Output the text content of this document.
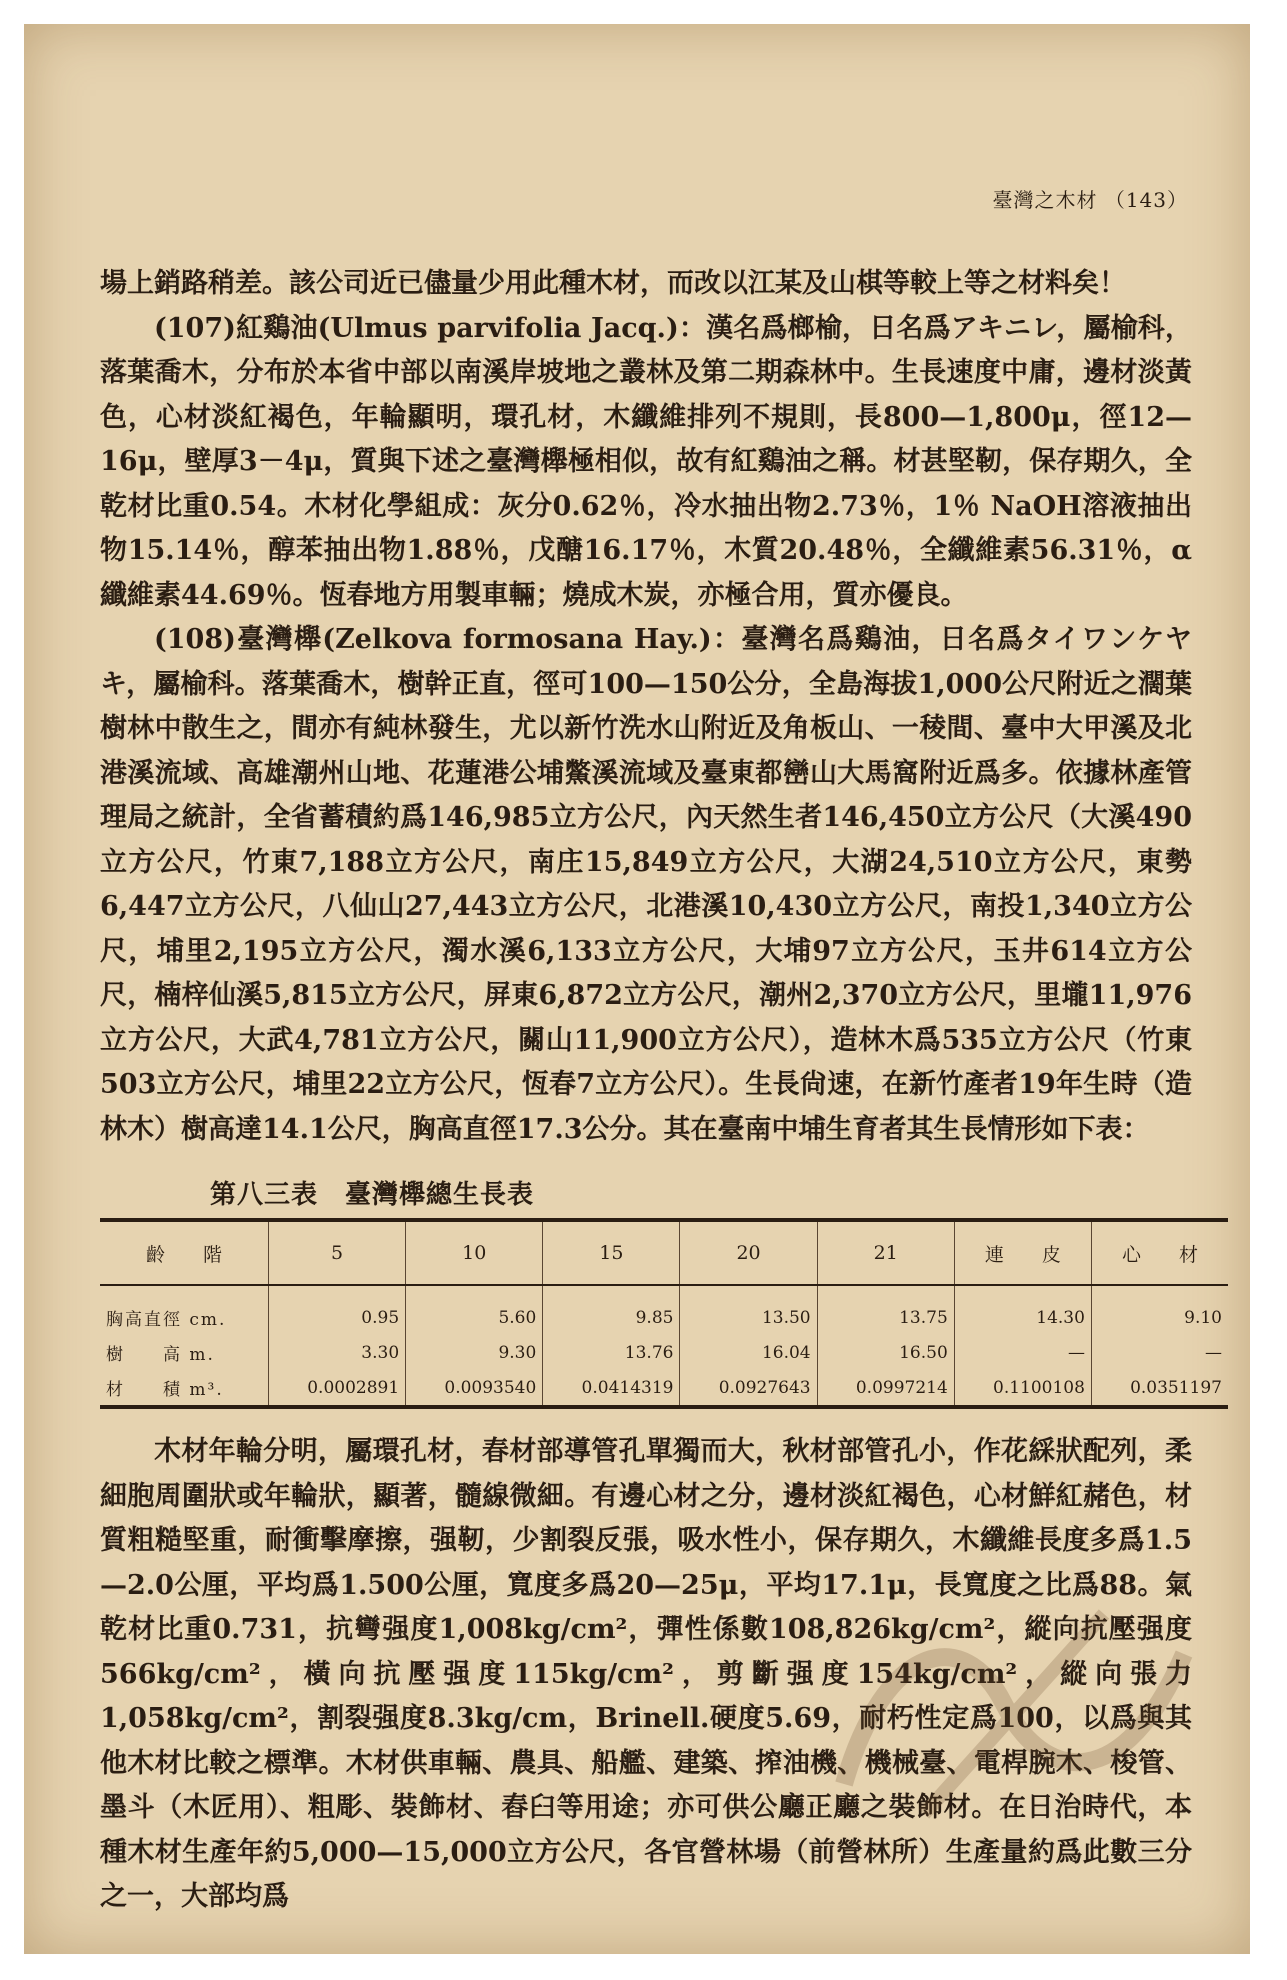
臺灣之木材 （143）

場上銷路稍差。該公司近已儘量少用此種木材，而改以江某及山棋等較上等之材料矣！

(107)紅鷄油(Ulmus parvifolia Jacq.)：漢名爲榔榆，日名爲アキニレ，屬榆科，落葉喬木，分布於本省中部以南溪岸坡地之叢林及第二期森林中。生長速度中庸，邊材淡黃色，心材淡紅褐色，年輪顯明，環孔材，木纖維排列不規則，長800—1,800μ，徑12—16μ，壁厚3－4μ，質與下述之臺灣櫸極相似，故有紅鷄油之稱。材甚堅靭，保存期久，全乾材比重0.54。木材化學組成：灰分0.62％，冷水抽出物2.73％，1％ NaOH溶液抽出物15.14％，醇苯抽出物1.88％，戊醣16.17％，木質20.48％，全纖維素56.31％，α纖維素44.69％。恆春地方用製車輛；燒成木炭，亦極合用，質亦優良。

(108)臺灣櫸(Zelkova formosana Hay.)：臺灣名爲鷄油，日名爲タイワンケヤキ，屬榆科。落葉喬木，樹幹正直，徑可100—150公分，全島海拔1,000公尺附近之濶葉樹林中散生之，間亦有純林發生，尤以新竹洗水山附近及角板山、一稜間、臺中大甲溪及北港溪流域、高雄潮州山地、花蓮港公埔鱉溪流域及臺東都巒山大馬窩附近爲多。依據林產管理局之統計，全省蓄積約爲146,985立方公尺，內天然生者146,450立方公尺（大溪490立方公尺，竹東7,188立方公尺，南庄15,849立方公尺，大湖24,510立方公尺，東勢6,447立方公尺，八仙山27,443立方公尺，北港溪10,430立方公尺，南投1,340立方公尺，埔里2,195立方公尺，濁水溪6,133立方公尺，大埔97立方公尺，玉井614立方公尺，楠梓仙溪5,815立方公尺，屏東6,872立方公尺，潮州2,370立方公尺，里壠11,976立方公尺，大武4,781立方公尺，關山11,900立方公尺），造林木爲535立方公尺（竹東503立方公尺，埔里22立方公尺，恆春7立方公尺）。生長尙速，在新竹產者19年生時（造林木）樹高達14.1公尺，胸高直徑17.3公分。其在臺南中埔生育者其生長情形如下表：

第八三表　臺灣櫸總生長表
齡　　階	5	10	15	20	21	連　　皮	心　　材
胸高直徑 cm.	0.95	5.60	9.85	13.50	13.75	14.30	9.10
樹　　高 m.	3.30	9.30	13.76	16.04	16.50	—	—
材　　積 m³.	0.0002891	0.0093540	0.0414319	0.0927643	0.0997214	0.1100108	0.0351197

木材年輪分明，屬環孔材，春材部導管孔單獨而大，秋材部管孔小，作花綵狀配列，柔細胞周圍狀或年輪狀，顯著，髓線微細。有邊心材之分，邊材淡紅褐色，心材鮮紅赭色，材質粗糙堅重，耐衝擊摩擦，强靭，少割裂反張，吸水性小，保存期久，木纖維長度多爲1.5—2.0公厘，平均爲1.500公厘，寬度多爲20—25μ，平均17.1μ，長寬度之比爲88。氣乾材比重0.731，抗彎强度1,008kg/cm²，彈性係數108,826kg/cm²，縱向抗壓强度566kg/cm²，橫向抗壓强度115kg/cm²，剪斷强度154kg/cm²，縱向張力1,058kg/cm²，割裂强度8.3kg/cm，Brinell.硬度5.69，耐朽性定爲100，以爲與其他木材比較之標準。木材供車輛、農具、船艦、建築、搾油機、機械臺、電桿腕木、梭管、墨斗（木匠用）、粗彫、裝飾材、舂臼等用途；亦可供公廳正廳之裝飾材。在日治時代，本種木材生產年約5,000—15,000立方公尺，各官營林場（前營林所）生產量約爲此數三分之一，大部均爲
